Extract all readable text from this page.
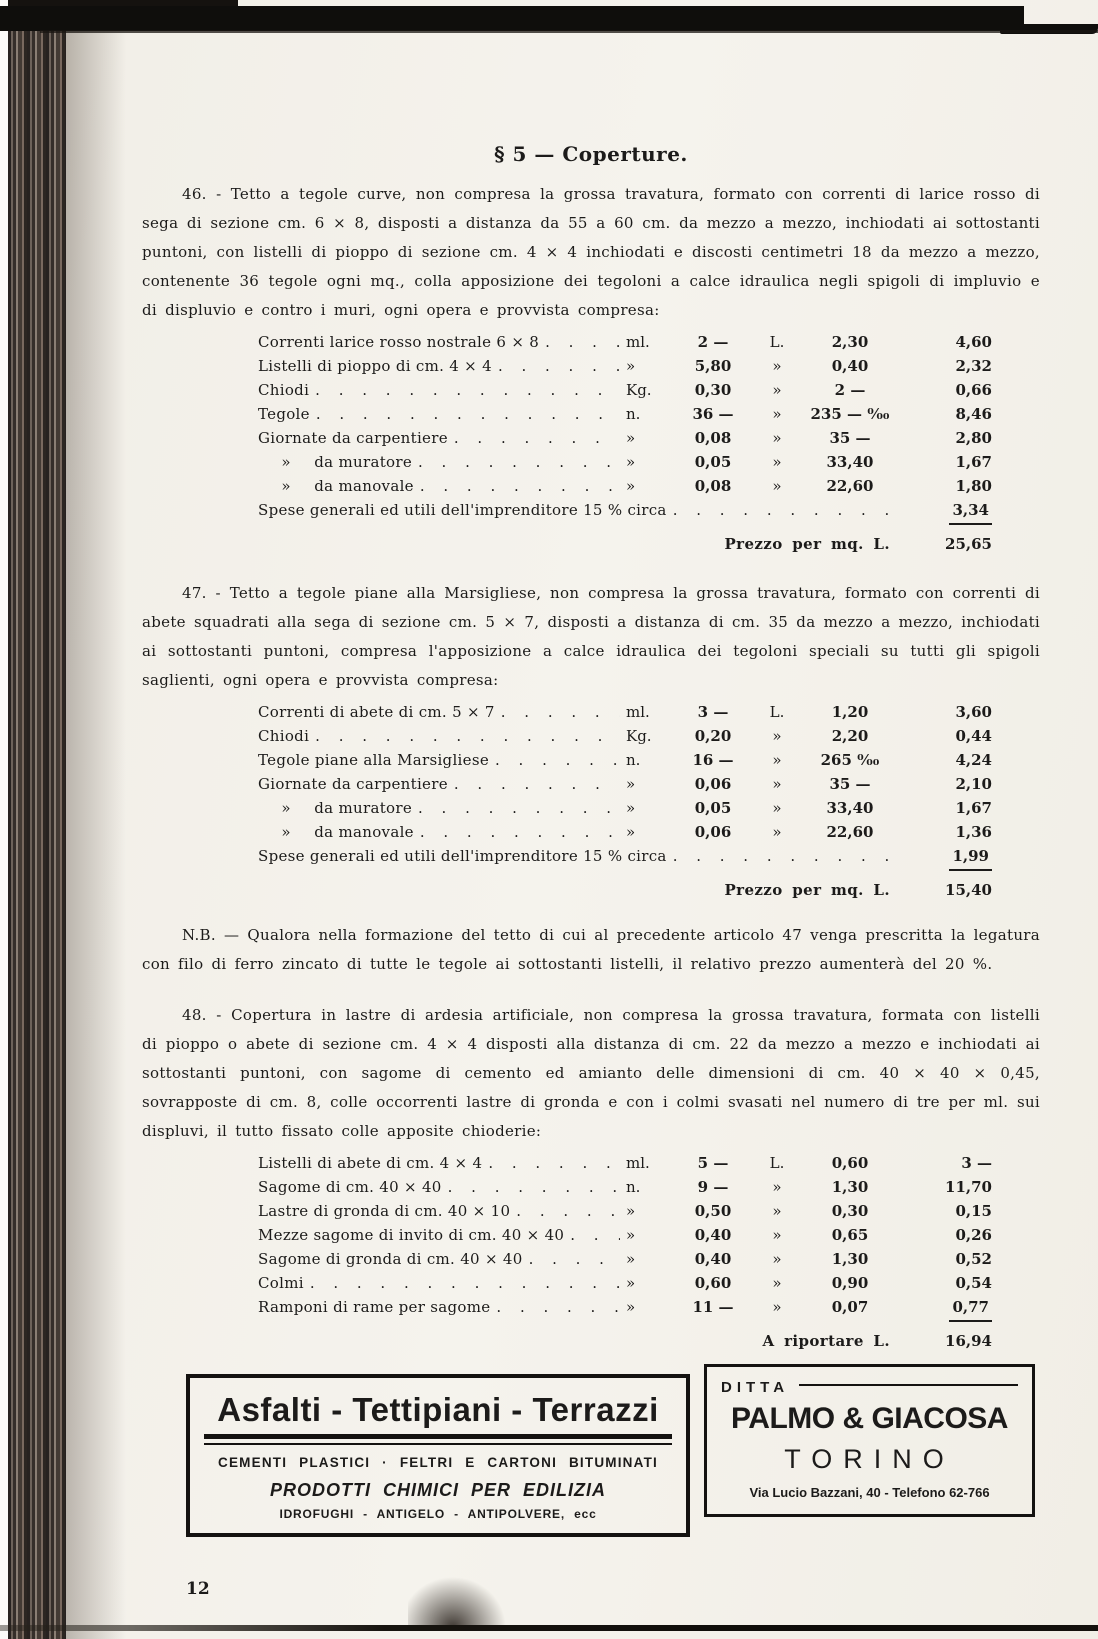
§ 5 — Coperture.

46. - Tetto a tegole curve, non compresa la grossa travatura, formato con correnti di larice rosso di sega di sezione cm. 6 × 8, disposti a distanza da 55 a 60 cm. da mezzo a mezzo, inchiodati ai sottostanti puntoni, con listelli di pioppo di sezione cm. 4 × 4 inchiodati e discosti centimetri 18 da mezzo a mezzo, contenente 36 tegole ogni mq., colla apposizione dei tegoloni a calce idraulica negli spigoli di impluvio e di displuvio e contro i muri, ogni opera e provvista compresa:

Correnti larice rosso nostrale 6 × 8 . . .	ml.	2 —	L.	2,30	4,60
Listelli di pioppo di cm. 4 × 4 . . .	»	5,80	»	0,40	2,32
Chiodi . . .	Kg.	0,30	»	2 —	0,66
Tegole . . .	n.	36 —	»	235 — ⁰⁄₀₀	8,46
Giornate da carpentiere . . .	»	0,08	»	35 —	2,80
   »   da muratore . . .	»	0,05	»	33,40	1,67
   »   da manovale . . .	»	0,08	»	22,60	1,80
Spese generali ed utili dell'imprenditore 15 % circa . . .	3,34
Prezzo per mq. L.	25,65

47. - Tetto a tegole piane alla Marsigliese, non compresa la grossa travatura, formato con correnti di abete squadrati alla sega di sezione cm. 5 × 7, disposti a distanza di cm. 35 da mezzo a mezzo, inchiodati ai sottostanti puntoni, compresa l'apposizione a calce idraulica dei tegoloni speciali su tutti gli spigoli saglienti, ogni opera e provvista compresa:

Correnti di abete di cm. 5 × 7 . . .	ml.	3 —	L.	1,20	3,60
Chiodi . . .	Kg.	0,20	»	2,20	0,44
Tegole piane alla Marsigliese . . .	n.	16 —	»	265 ⁰⁄₀₀	4,24
Giornate da carpentiere . . .	»	0,06	»	35 —	2,10
   »   da muratore . . .	»	0,05	»	33,40	1,67
   »   da manovale . . .	»	0,06	»	22,60	1,36
Spese generali ed utili dell'imprenditore 15 % circa . . .	1,99
Prezzo per mq. L.	15,40

N.B. — Qualora nella formazione del tetto di cui al precedente articolo 47 venga prescritta la legatura con filo di ferro zincato di tutte le tegole ai sottostanti listelli, il relativo prezzo aumenterà del 20 %.

48. - Copertura in lastre di ardesia artificiale, non compresa la grossa travatura, formata con listelli di pioppo o abete di sezione cm. 4 × 4 disposti alla distanza di cm. 22 da mezzo a mezzo e inchiodati ai sottostanti puntoni, con sagome di cemento ed amianto delle dimensioni di cm. 40 × 40 × 0,45, sovrapposte di cm. 8, colle occorrenti lastre di gronda e con i colmi svasati nel numero di tre per ml. sui displuvi, il tutto fissato colle apposite chioderie:

Listelli di abete di cm. 4 × 4 . . .	ml.	5 —	L.	0,60	3 —
Sagome di cm. 40 × 40 . . .	n.	9 —	»	1,30	11,70
Lastre di gronda di cm. 40 × 10 . . .	»	0,50	»	0,30	0,15
Mezze sagome di invito di cm. 40 × 40 . . .	»	0,40	»	0,65	0,26
Sagome di gronda di cm. 40 × 40 . . .	»	0,40	»	1,30	0,52
Colmi . . .	»	0,60	»	0,90	0,54
Ramponi di rame per sagome . . .	»	11 —	»	0,07	0,77
A riportare L.	16,94
Asfalti - Tettipiani - Terrazzi
CEMENTI PLASTICI · FELTRI E CARTONI BITUMINATI
PRODOTTI CHIMICI PER EDILIZIA
IDROFUGHI - ANTIGELO - ANTIPOLVERE, ecc
DITTA
PALMO & GIACOSA
TORINO
Via Lucio Bazzani, 40 - Telefono 62-766
12
